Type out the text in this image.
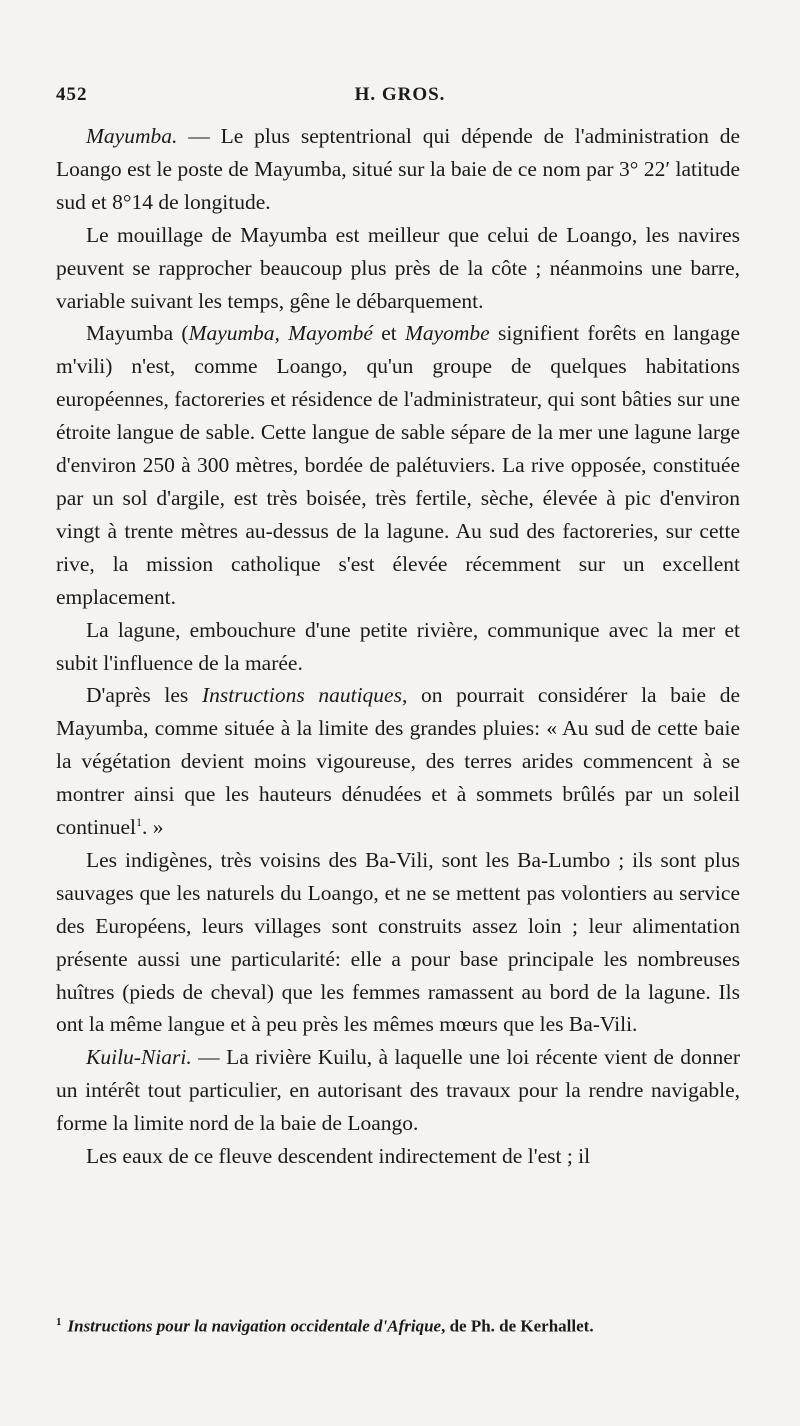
452	H. GROS.

Mayumba. — Le plus septentrional qui dépende de l'administration de Loango est le poste de Mayumba, situé sur la baie de ce nom par 3° 22′ latitude sud et 8°14 de longitude.

Le mouillage de Mayumba est meilleur que celui de Loango, les navires peuvent se rapprocher beaucoup plus près de la côte ; néanmoins une barre, variable suivant les temps, gêne le débarquement.

Mayumba (Mayumba, Mayombé et Mayombe signifient forêts en langage m'vili) n'est, comme Loango, qu'un groupe de quelques habitations européennes, factoreries et résidence de l'administrateur, qui sont bâties sur une étroite langue de sable. Cette langue de sable sépare de la mer une lagune large d'environ 250 à 300 mètres, bordée de palétuviers. La rive opposée, constituée par un sol d'argile, est très boisée, très fertile, sèche, élevée à pic d'environ vingt à trente mètres au-dessus de la lagune. Au sud des factoreries, sur cette rive, la mission catholique s'est élevée récemment sur un excellent emplacement.

La lagune, embouchure d'une petite rivière, communique avec la mer et subit l'influence de la marée.

D'après les Instructions nautiques, on pourrait considérer la baie de Mayumba, comme située à la limite des grandes pluies: « Au sud de cette baie la végétation devient moins vigoureuse, des terres arides commencent à se montrer ainsi que les hauteurs dénudées et à sommets brûlés par un soleil continuel$^1$. »

Les indigènes, très voisins des Ba-Vili, sont les Ba-Lumbo ; ils sont plus sauvages que les naturels du Loango, et ne se mettent pas volontiers au service des Européens, leurs villages sont construits assez loin ; leur alimentation présente aussi une particularité: elle a pour base principale les nombreuses huîtres (pieds de cheval) que les femmes ramassent au bord de la lagune. Ils ont la même langue et à peu près les mêmes mœurs que les Ba-Vili.

Kuilu-Niari. — La rivière Kuilu, à laquelle une loi récente vient de donner un intérêt tout particulier, en autorisant des travaux pour la rendre navigable, forme la limite nord de la baie de Loango.

Les eaux de ce fleuve descendent indirectement de l'est ; il

$^1$ Instructions pour la navigation occidentale d'Afrique, de Ph. de Kerhallet.
